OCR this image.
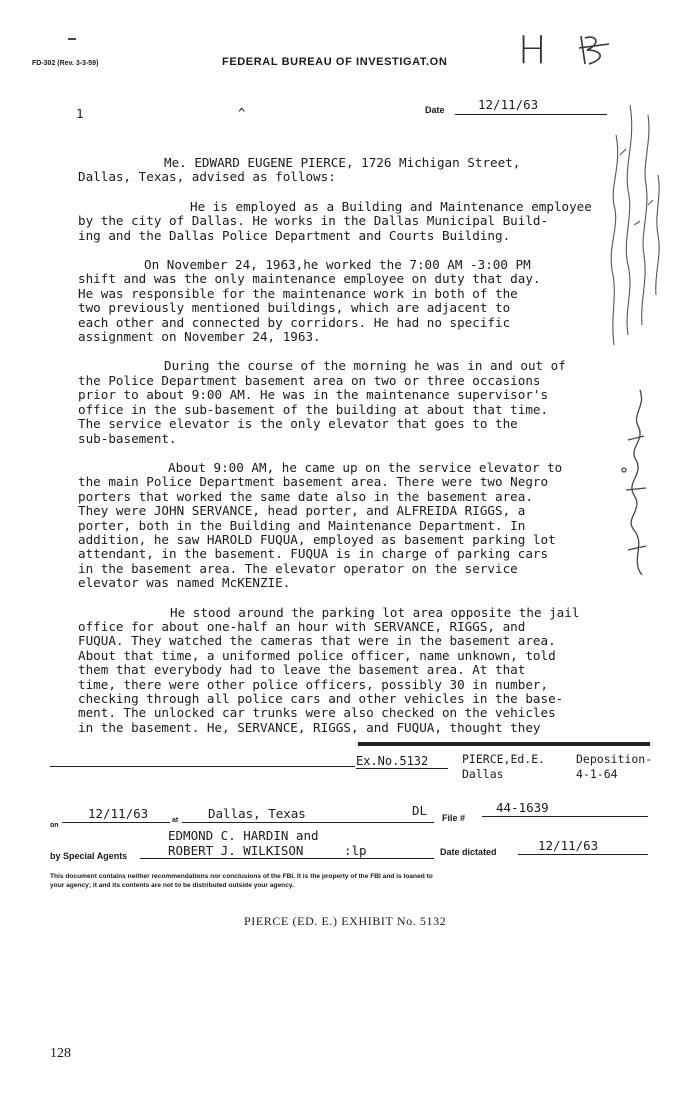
FD-302 (Rev. 3-3-59)	FEDERAL BUREAU OF INVESTIGAT.ON H
1	^	Date	12/11/63

Me. EDWARD EUGENE PIERCE, 1726 Michigan Street,
Dallas, Texas, advised as follows:

He is employed as a Building and Maintenance employee
by the city of Dallas. He works in the Dallas Municipal Build-
ing and the Dallas Police Department and Courts Building.

On November 24, 1963,he worked the 7:00 AM -3:00 PM
shift and was the only maintenance employee on duty that day.
He was responsible for the maintenance work in both of the
two previously mentioned buildings, which are adjacent to
each other and connected by corridors. He had no specific
assignment on November 24, 1963.

During the course of the morning he was in and out of
the Police Department basement area on two or three occasions
prior to about 9:00 AM. He was in the maintenance supervisor's
office in the sub-basement of the building at about that time.
The service elevator is the only elevator that goes to the
sub-basement.

About 9:00 AM, he came up on the service elevator to
the main Police Department basement area. There were two Negro
porters that worked the same date also in the basement area.
They were JOHN SERVANCE, head porter, and ALFREIDA RIGGS, a
porter, both in the Building and Maintenance Department. In
addition, he saw HAROLD FUQUA, employed as basement parking lot
attendant, in the basement. FUQUA is in charge of parking cars
in the basement area. The elevator operator on the service
elevator was named McKENZIE.

He stood around the parking lot area opposite the jail
office for about one-half an hour with SERVANCE, RIGGS, and
FUQUA. They watched the cameras that were in the basement area.
About that time, a uniformed police officer, name unknown, told
them that everybody had to leave the basement area. At that
time, there were other police officers, possibly 30 in number,
checking through all police cars and other vehicles in the base-
ment. The unlocked car trunks were also checked on the vehicles
in the basement. He, SERVANCE, RIGGS, and FUQUA, thought they

Ex.No.5132	PIERCE,Ed.E.
Dallas
Deposition-
4-1-64
on
12/11/63	at Dallas, Texas	DL File #
44-1639
EDMOND C. HARDIN and
by Special Agents	ROBERT J. WILKISON	:lp	Date dictated	12/11/63
This document contains neither recommendations nor conclusions of the FBI. It is the property of the FBI and is loaned to
your agency; it and its contents are not to be distributed outside your agency.
PIERCE (ED. E.) EXHIBIT No. 5132
128
